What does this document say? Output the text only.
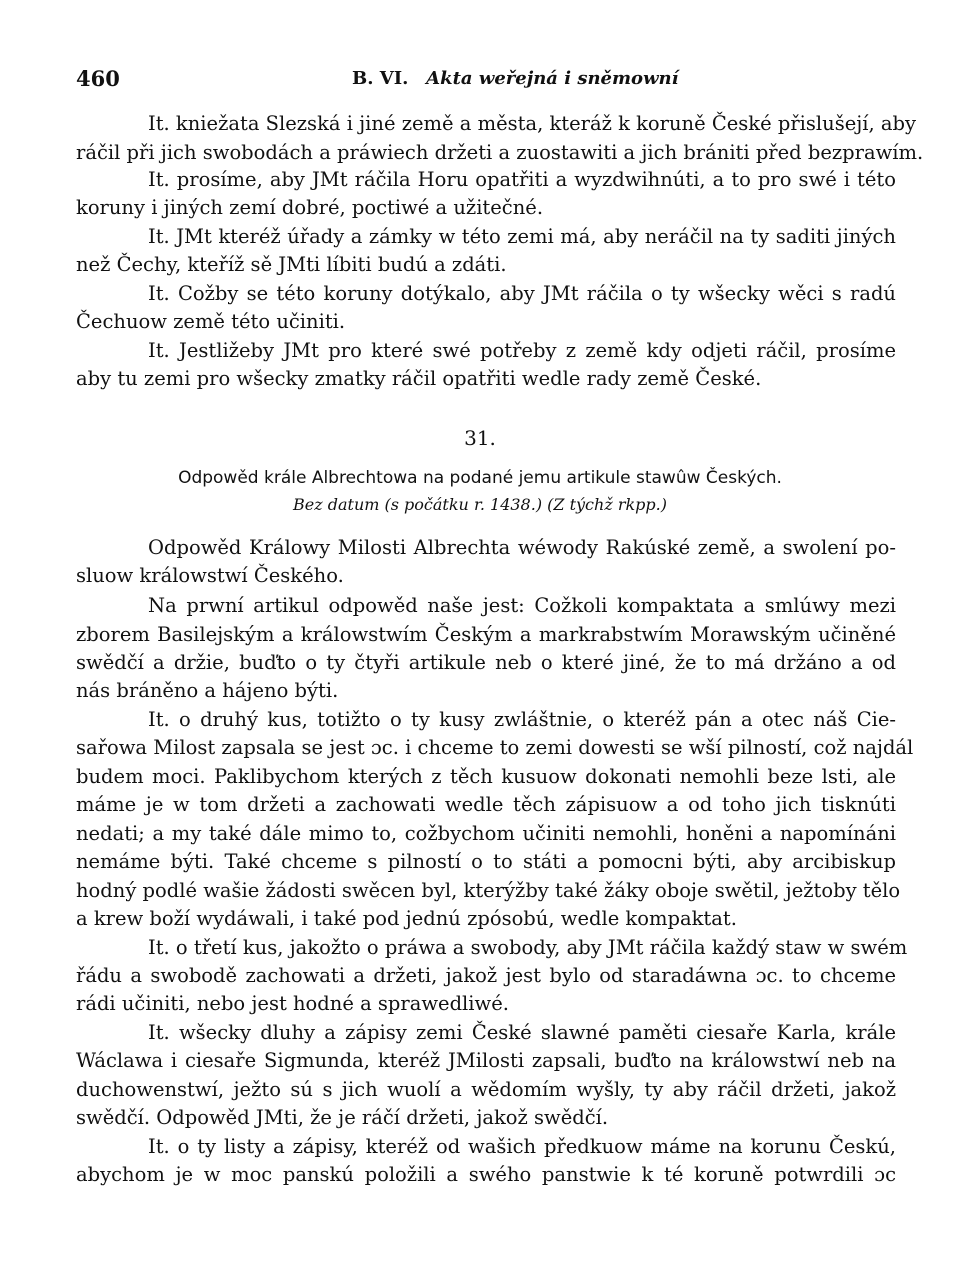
460	B. VI. Akta weřejná i sněmowní
It. kniežata Slezská i jiné země a města, kteráž k koruně České přislušejí, aby
ráčil při jich swobodách a práwiech držeti a zuostawiti a jich brániti před bezprawím.
It. prosíme, aby JMt ráčila Horu opatřiti a wyzdwihnúti, a to pro swé i této
koruny i jiných zemí dobré, poctiwé a užitečné.
It. JMt kteréž úřady a zámky w této zemi má, aby neráčil na ty saditi jiných
než Čechy, kteříž sě JMti líbiti budú a zdáti.
It. Cožby se této koruny dotýkalo, aby JMt ráčila o ty wšecky wěci s radú
Čechuow země této učiniti.
It. Jestližeby JMt pro které swé potřeby z země kdy odjeti ráčil, prosíme
aby tu zemi pro wšecky zmatky ráčil opatřiti wedle rady země České.
31.
Odpowěd krále Albrechtowa na podané jemu artikule stawûw Českých.
Bez datum (s počátku r. 1438.) (Z týchž rkpp.)
Odpowěd Králowy Milosti Albrechta wéwody Rakúské země, a swolení po-
sluow králowstwí Českého.
Na prwní artikul odpowěd naše jest: Cožkoli kompaktata a smlúwy mezi
zborem Basilejským a králowstwím Českým a markrabstwím Morawským učiněné
swědčí a držie, buďto o ty čtyři artikule neb o které jiné, že to má držáno a od
nás bráněno a hájeno býti.
It. o druhý kus, totižto o ty kusy zwláštnie, o kteréž pán a otec náš Cie-
sařowa Milost zapsala se jest ɔc. i chceme to zemi dowesti se wší pilností, což najdál
budem moci. Paklibychom kterých z těch kusuow dokonati nemohli beze lsti, ale
máme je w tom držeti a zachowati wedle těch zápisuow a od toho jich tisknúti
nedati; a my také dále mimo to, cožbychom učiniti nemohli, honěni a napomínáni
nemáme býti. Také chceme s pilností o to státi a pomocni býti, aby arcibiskup
hodný podlé wašie žádosti swěcen byl, kterýžby také žáky oboje swětil, ježtoby tělo
a krew boží wydáwali, i také pod jednú zpósobú, wedle kompaktat.
It. o třetí kus, jakožto o práwa a swobody, aby JMt ráčila každý staw w swém
řádu a swobodě zachowati a držeti, jakož jest bylo od staradáwna ɔc. to chceme
rádi učiniti, nebo jest hodné a sprawedliwé.
It. wšecky dluhy a zápisy zemi České slawné paměti ciesaře Karla, krále
Wáclawa i ciesaře Sigmunda, kteréž JMilosti zapsali, buďto na králowstwí neb na
duchowenstwí, ježto sú s jich wuolí a wědomím wyšly, ty aby ráčil držeti, jakož
swědčí. Odpowěd JMti, že je ráčí držeti, jakož swědčí.
It. o ty listy a zápisy, kteréž od wašich předkuow máme na korunu Českú,
abychom je w moc panskú položili a swého panstwie k té koruně potwrdili ɔc
